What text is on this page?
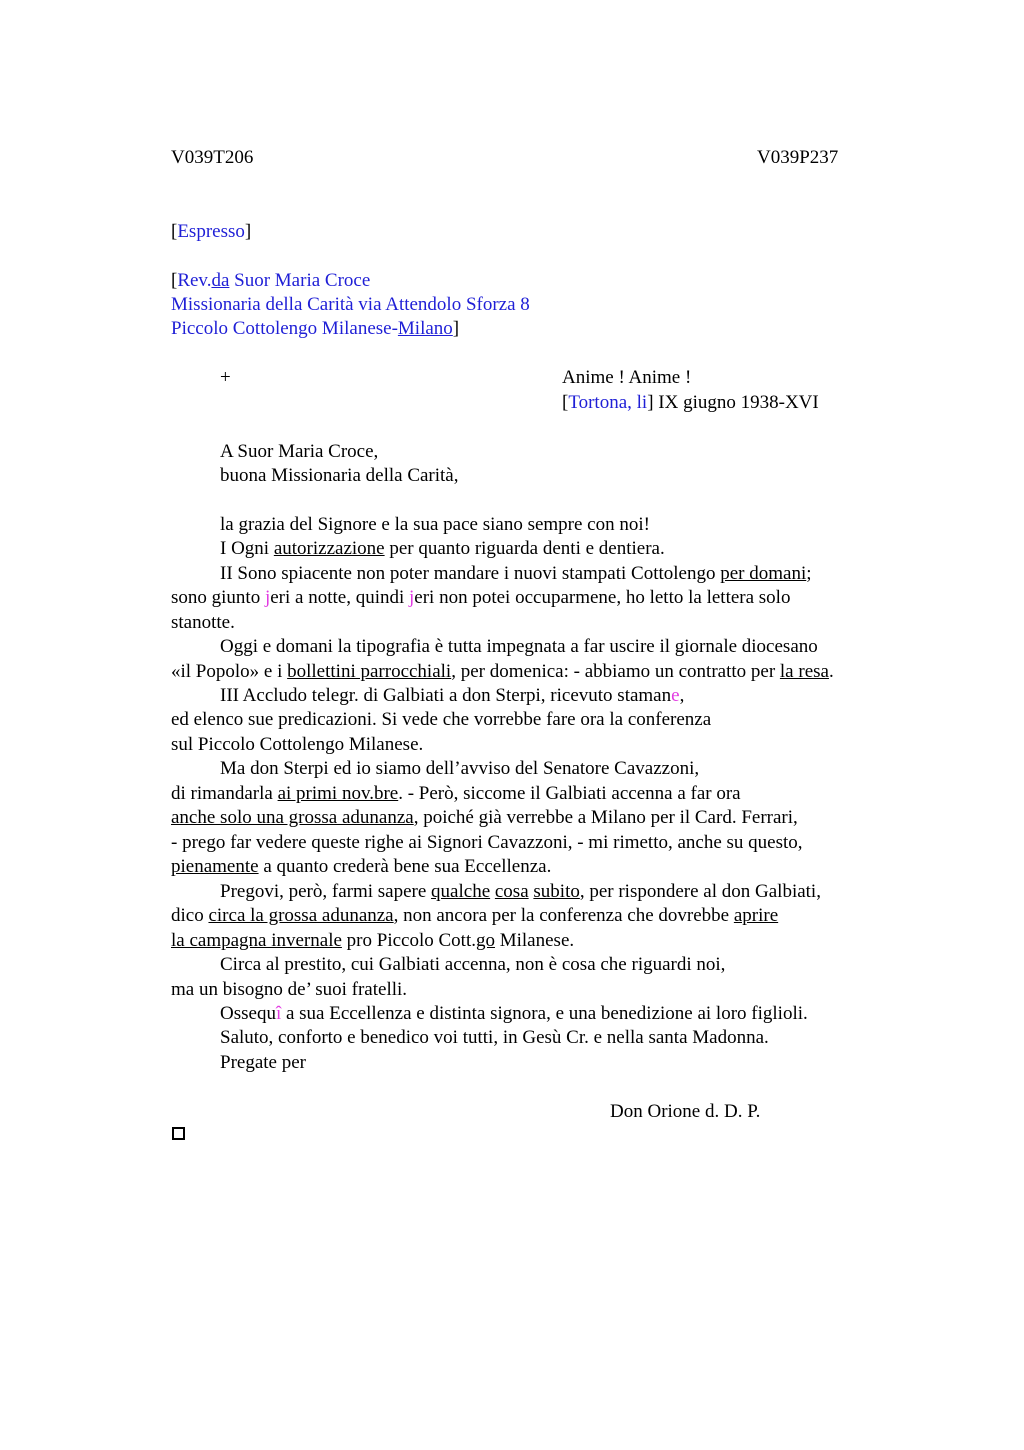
V039T206	V039P237
[Espresso]
[Rev.da Suor Maria Croce
Missionaria della Carità via Attendolo Sforza 8
Piccolo Cottolengo Milanese-Milano]
+	Anime ! Anime !
[Tortona, li] IX giugno 1938-XVI
A Suor Maria Croce,
buona Missionaria della Carità,
la grazia del Signore e la sua pace siano sempre con noi!
I Ogni autorizzazione per quanto riguarda denti e dentiera.
II Sono spiacente non poter mandare i nuovi stampati Cottolengo per domani;
sono giunto jeri a notte, quindi jeri non potei occuparmene, ho letto la lettera solo
stanotte.
Oggi e domani la tipografia è tutta impegnata a far uscire il giornale diocesano
«il Popolo» e i bollettini parrocchiali, per domenica: - abbiamo un contratto per la resa.
III Accludo telegr. di Galbiati a don Sterpi, ricevuto stamane,
ed elenco sue predicazioni. Si vede che vorrebbe fare ora la conferenza
sul Piccolo Cottolengo Milanese.
Ma don Sterpi ed io siamo dell’avviso del Senatore Cavazzoni,
di rimandarla ai primi nov.bre. - Però, siccome il Galbiati accenna a far ora
anche solo una grossa adunanza, poiché già verrebbe a Milano per il Card. Ferrari,
- prego far vedere queste righe ai Signori Cavazzoni, - mi rimetto, anche su questo,
pienamente a quanto crederà bene sua Eccellenza.
Pregovi, però, farmi sapere qualche cosa subito, per rispondere al don Galbiati,
dico circa la grossa adunanza, non ancora per la conferenza che dovrebbe aprire
la campagna invernale pro Piccolo Cott.go Milanese.
Circa al prestito, cui Galbiati accenna, non è cosa che riguardi noi,
ma un bisogno de’ suoi fratelli.
Ossequî a sua Eccellenza e distinta signora, e una benedizione ai loro figlioli.
Saluto, conforto e benedico voi tutti, in Gesù Cr. e nella santa Madonna.
Pregate per
Don Orione d. D. P.
